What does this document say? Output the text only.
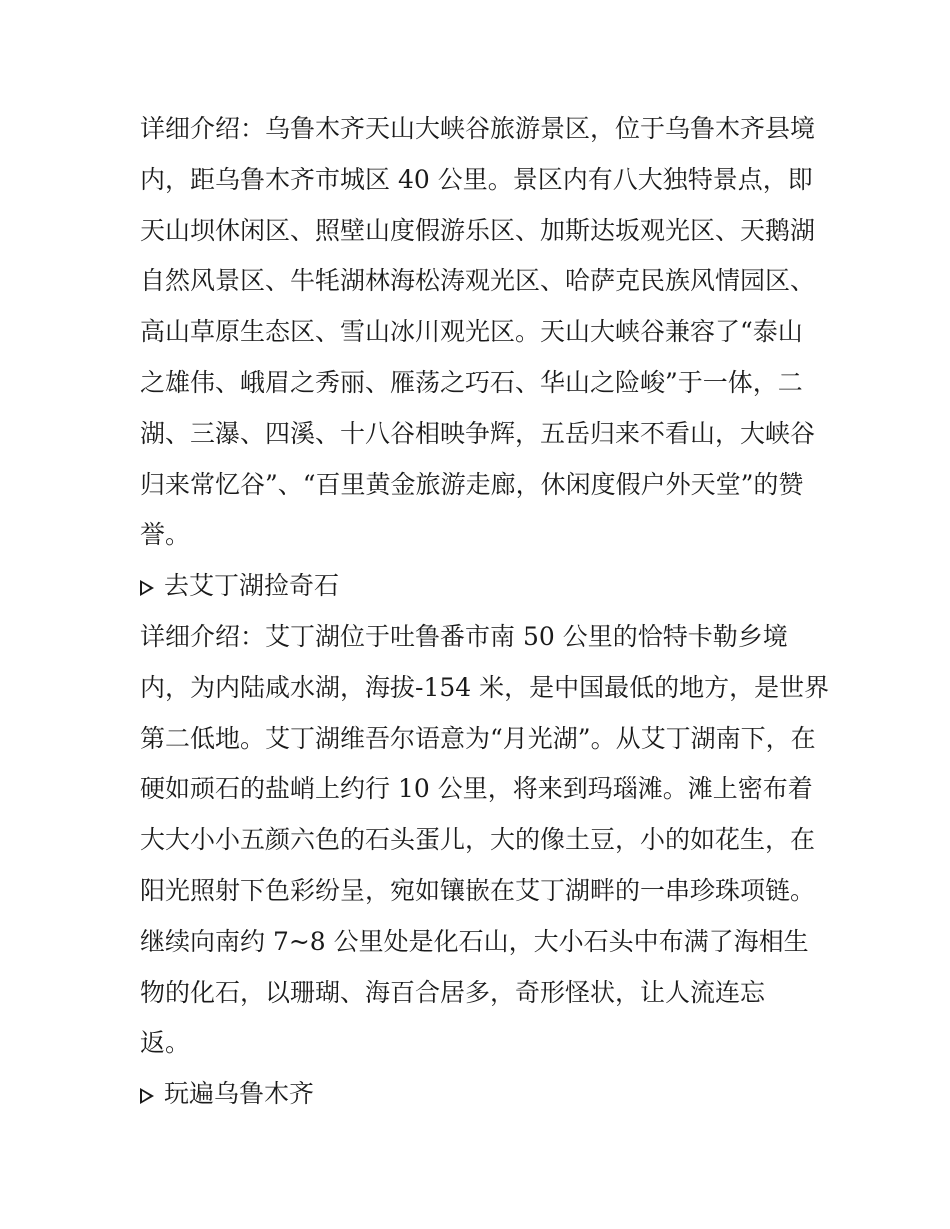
详细介绍：乌鲁木齐天山大峡谷旅游景区，位于乌鲁木齐县境
内，距乌鲁木齐市城区 40 公里。景区内有八大独特景点，即
天山坝休闲区、照壁山度假游乐区、加斯达坂观光区、天鹅湖
自然风景区、牛牦湖林海松涛观光区、哈萨克民族风情园区、
高山草原生态区、雪山冰川观光区。天山大峡谷兼容了“泰山
之雄伟、峨眉之秀丽、雁荡之巧石、华山之险峻”于一体，二
湖、三瀑、四溪、十八谷相映争辉，五岳归来不看山，大峡谷
归来常忆谷”、“百里黄金旅游走廊，休闲度假户外天堂”的赞
誉。
去艾丁湖捡奇石
详细介绍：艾丁湖位于吐鲁番市南 50 公里的恰特卡勒乡境
内，为内陆咸水湖，海拔-154 米，是中国最低的地方，是世界
第二低地。艾丁湖维吾尔语意为“月光湖”。从艾丁湖南下，在
硬如顽石的盐峭上约行 10 公里，将来到玛瑙滩。滩上密布着
大大小小五颜六色的石头蛋儿，大的像土豆，小的如花生，在
阳光照射下色彩纷呈，宛如镶嵌在艾丁湖畔的一串珍珠项链。
继续向南约 7~8 公里处是化石山，大小石头中布满了海相生
物的化石，以珊瑚、海百合居多，奇形怪状，让人流连忘
返。
玩遍乌鲁木齐
